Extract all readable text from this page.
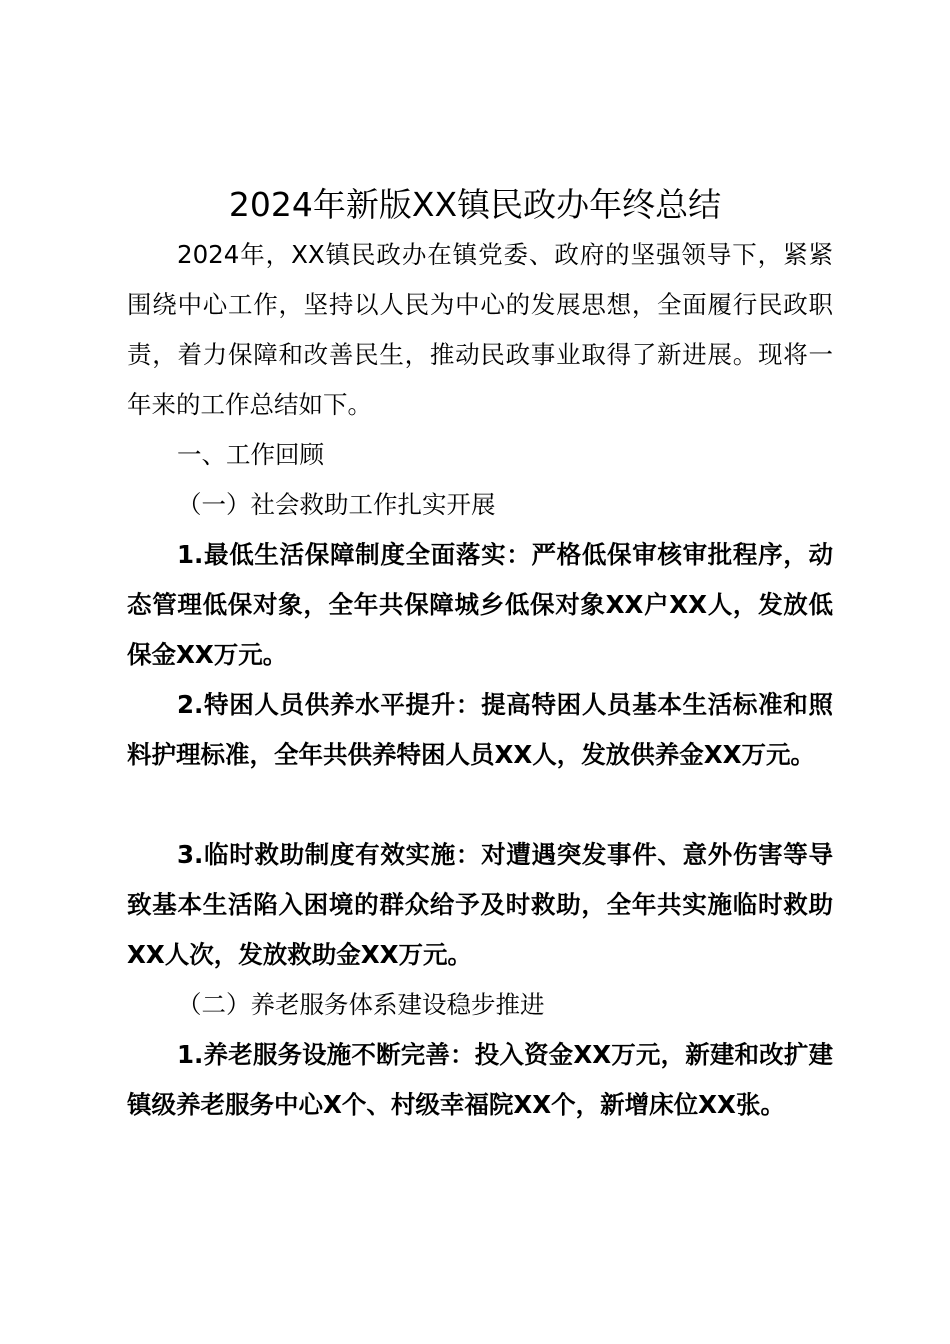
2024年新版XX镇民政办年终总结
2024年，XX镇民政办在镇党委、政府的坚强领导下，紧紧围绕中心工作，坚持以人民为中心的发展思想，全面履行民政职责，着力保障和改善民生，推动民政事业取得了新进展。现将一年来的工作总结如下。
一、工作回顾
（一）社会救助工作扎实开展
1.最低生活保障制度全面落实：严格低保审核审批程序，动态管理低保对象，全年共保障城乡低保对象XX户XX人，发放低保金XX万元。
2.特困人员供养水平提升：提高特困人员基本生活标准和照料护理标准，全年共供养特困人员XX人，发放供养金XX万元。
3.临时救助制度有效实施：对遭遇突发事件、意外伤害等导致基本生活陷入困境的群众给予及时救助，全年共实施临时救助XX人次，发放救助金XX万元。
（二）养老服务体系建设稳步推进
1.养老服务设施不断完善：投入资金XX万元，新建和改扩建镇级养老服务中心X个、村级幸福院XX个，新增床位XX张。
